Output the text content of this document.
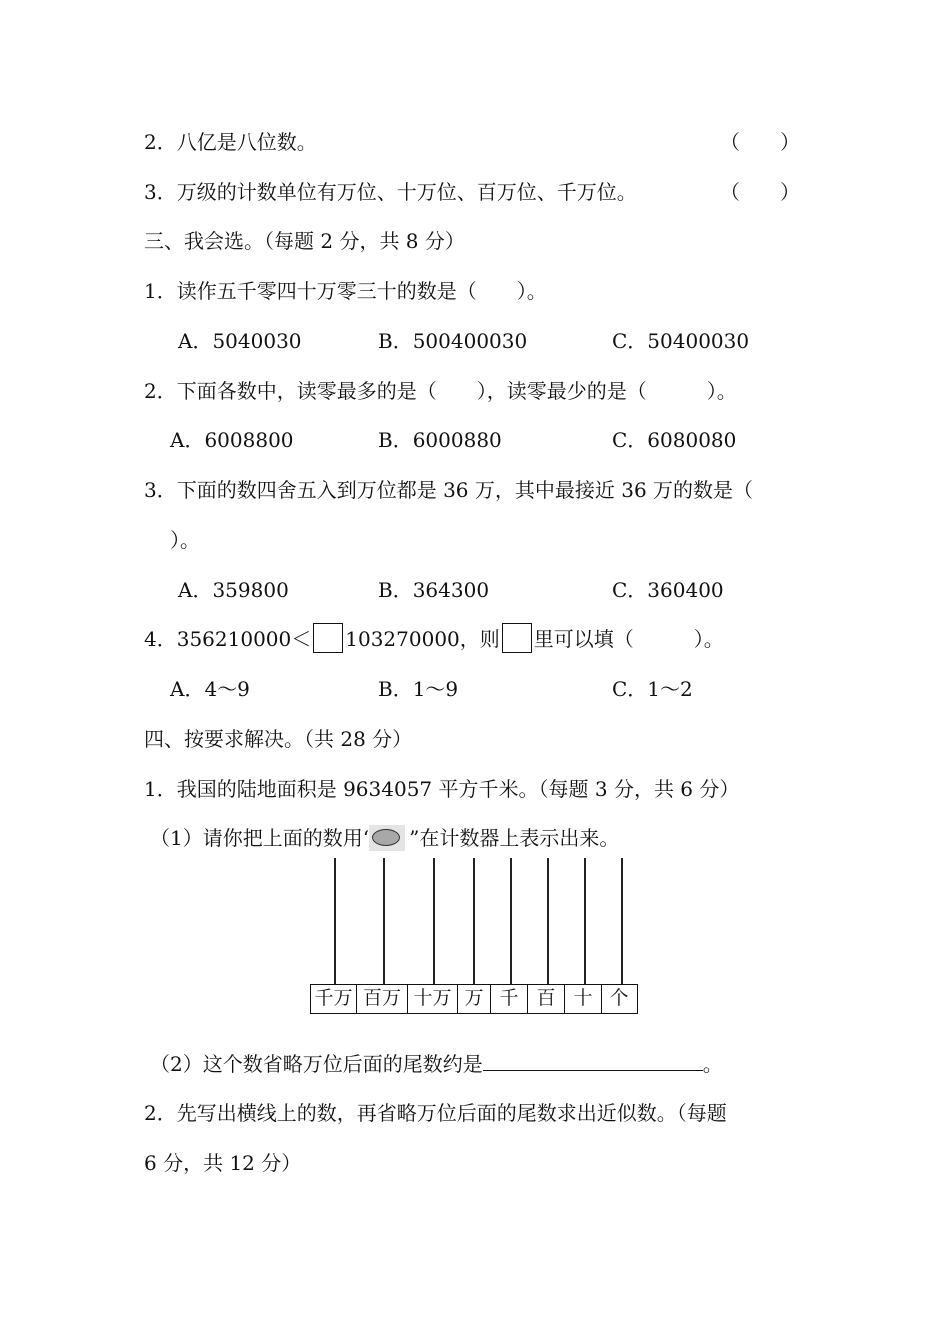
2．八亿是八位数。	（　　）
3．万级的计数单位有万位、十万位、百万位、千万位。	（　　）
三、我会选。（每题 2 分，共 8 分）
1．读作五千零四十万零三十的数是（　　）。
A．5040030	B．500400030	C．50400030
2．下面各数中，读零最多的是（　　），读零最少的是（　　　）。
A．6008800	B．6000880	C．6080080
3．下面的数四舍五入到万位都是 36 万，其中最接近 36 万的数是（
）。
A．359800	B．364300	C．360400
4．356210000＜ 103270000，则 里可以填（　　　）。
A．4～9	B．1～9	C．1～2
四、按要求解决。（共 28 分）
1．我国的陆地面积是 9634057 平方千米。（每题 3 分，共 6 分）
（1）请你把上面的数用‘ ”在计数器上表示出来。
千万 百万 十万 万 千 百 十 个
（2）这个数省略万位后面的尾数约是	。
2．先写出横线上的数，再省略万位后面的尾数求出近似数。（每题
6 分，共 12 分）
